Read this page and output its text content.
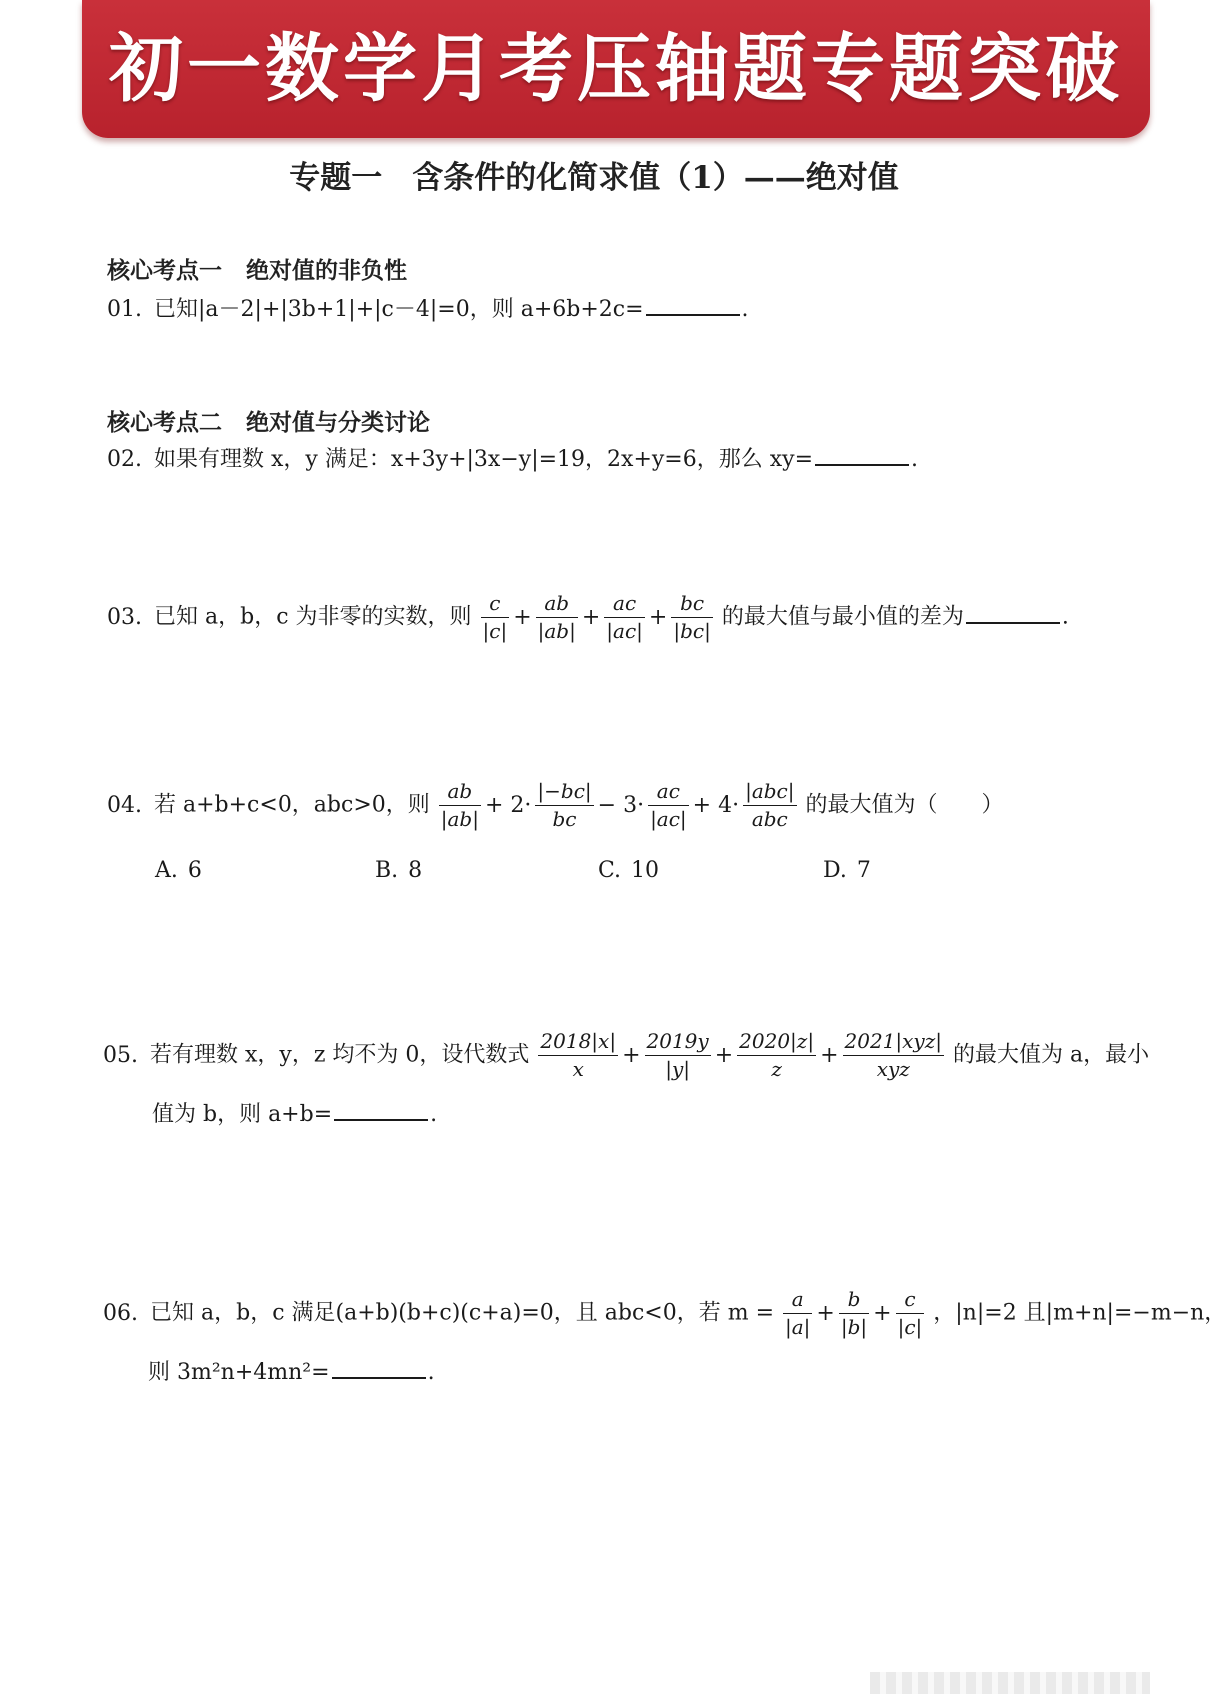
初一数学月考压轴题专题突破
专题一 含条件的化简求值（1）——绝对值
核心考点一 绝对值的非负性
01. 已知|a－2|+|3b+1|+|c－4|=0，则 a+6b+2c=	.
核心考点二 绝对值与分类讨论
02. 如果有理数 x，y 满足：x+3y+|3x−y|=19，2x+y=6，那么 xy=	.
03. 已知 a，b，c 为非零的实数，则 $\frac{c}{|c|} + \frac{ab}{|ab|} + \frac{ac}{|ac|} + \frac{bc}{|bc|}$ 的最大值与最小值的差为	.
04. 若 a+b+c<0，abc>0，则 $\frac{ab}{|ab|} + 2\cdot \frac{|-bc|}{bc} - 3\cdot \frac{ac}{|ac|} + 4\cdot \frac{\text{|abc|}}{\text{abc}}$ 的最大值为（　　）
A. 6	B. 8	C. 10	D. 7
05. 若有理数 x，y，z 均不为 0，设代数式 $\frac{2018|x|}{x} + \frac{2019y}{|y|} + \frac{2020|z|}{z} + \frac{\text{2021|xyz|}}{\text{xyz}}$ 的最大值为 a，最小
值为 b，则 a+b=	.
06. 已知 a，b，c 满足(a+b)(b+c)(c+a)=0，且 abc<0，若 $m = \frac{a}{|a|} + \frac{b}{|b|} + \frac{c}{|c|}$ ，|n|=2 且|m+n|=−m−n，
则 3m²n+4mn²=	.
